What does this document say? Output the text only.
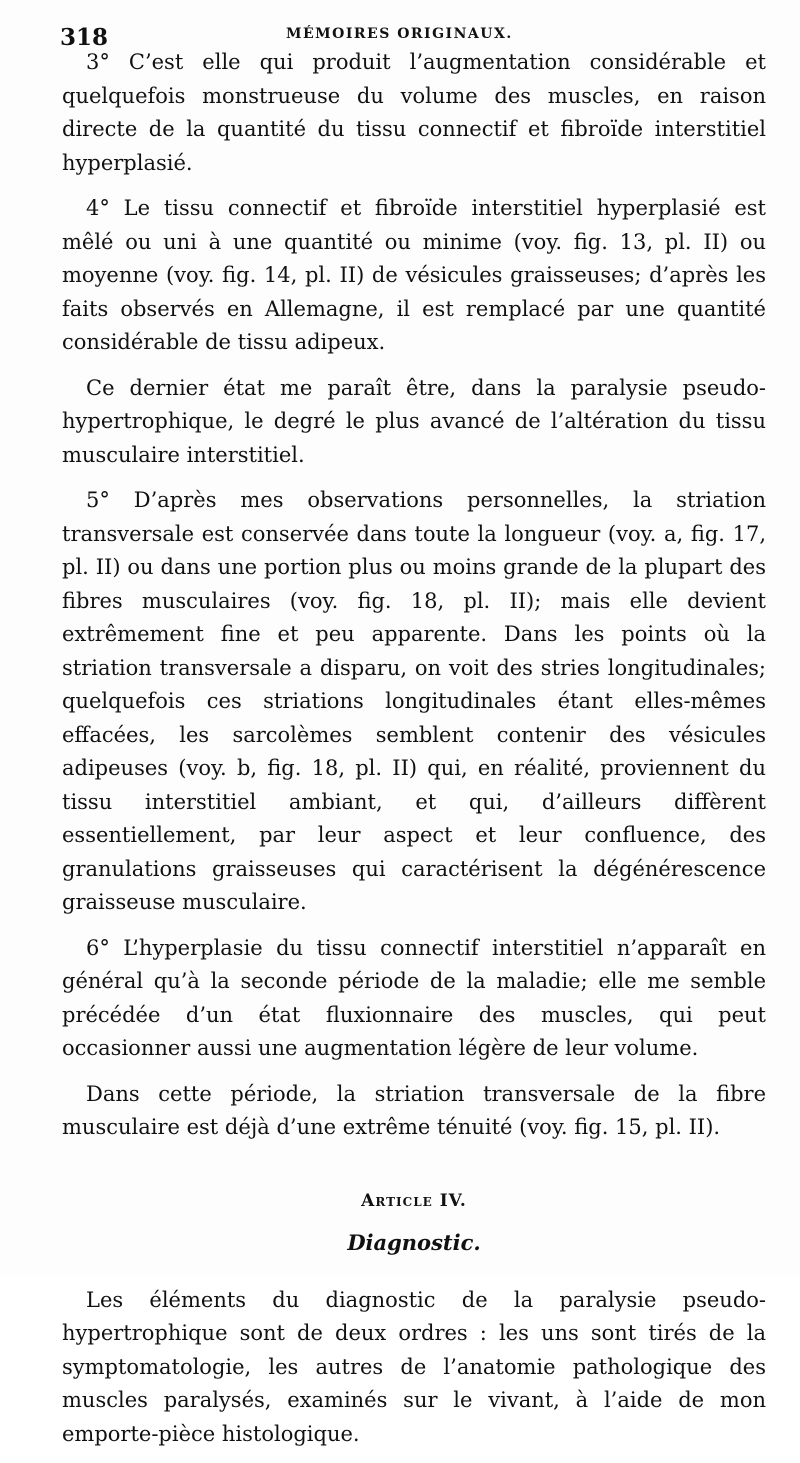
318	MÉMOIRES ORIGINAUX.

3° C’est elle qui produit l’augmentation considérable et quelquefois monstrueuse du volume des muscles, en raison directe de la quantité du tissu connectif et fibroïde interstitiel hyperplasié.

4° Le tissu connectif et fibroïde interstitiel hyperplasié est mêlé ou uni à une quantité ou minime (voy. fig. 13, pl. II) ou moyenne (voy. fig. 14, pl. II) de vésicules graisseuses; d’après les faits observés en Allemagne, il est remplacé par une quantité considérable de tissu adipeux.

Ce dernier état me paraît être, dans la paralysie pseudo-hypertrophique, le degré le plus avancé de l’altération du tissu musculaire interstitiel.

5° D’après mes observations personnelles, la striation transversale est conservée dans toute la longueur (voy. a, fig. 17, pl. II) ou dans une portion plus ou moins grande de la plupart des fibres musculaires (voy. fig. 18, pl. II); mais elle devient extrêmement fine et peu apparente. Dans les points où la striation transversale a disparu, on voit des stries longitudinales; quelquefois ces striations longitudinales étant elles-mêmes effacées, les sarcolèmes semblent contenir des vésicules adipeuses (voy. b, fig. 18, pl. II) qui, en réalité, proviennent du tissu interstitiel ambiant, et qui, d’ailleurs diffèrent essentiellement, par leur aspect et leur confluence, des granulations graisseuses qui caractérisent la dégénérescence graisseuse musculaire.

6° L’hyperplasie du tissu connectif interstitiel n’apparaît en général qu’à la seconde période de la maladie; elle me semble précédée d’un état fluxionnaire des muscles, qui peut occasionner aussi une augmentation légère de leur volume.

Dans cette période, la striation transversale de la fibre musculaire est déjà d’une extrême ténuité (voy. fig. 15, pl. II).

Article IV.
Diagnostic.

Les éléments du diagnostic de la paralysie pseudo-hypertrophique sont de deux ordres : les uns sont tirés de la symptomatologie, les autres de l’anatomie pathologique des muscles paralysés, examinés sur le vivant, à l’aide de mon emporte-pièce histologique.
